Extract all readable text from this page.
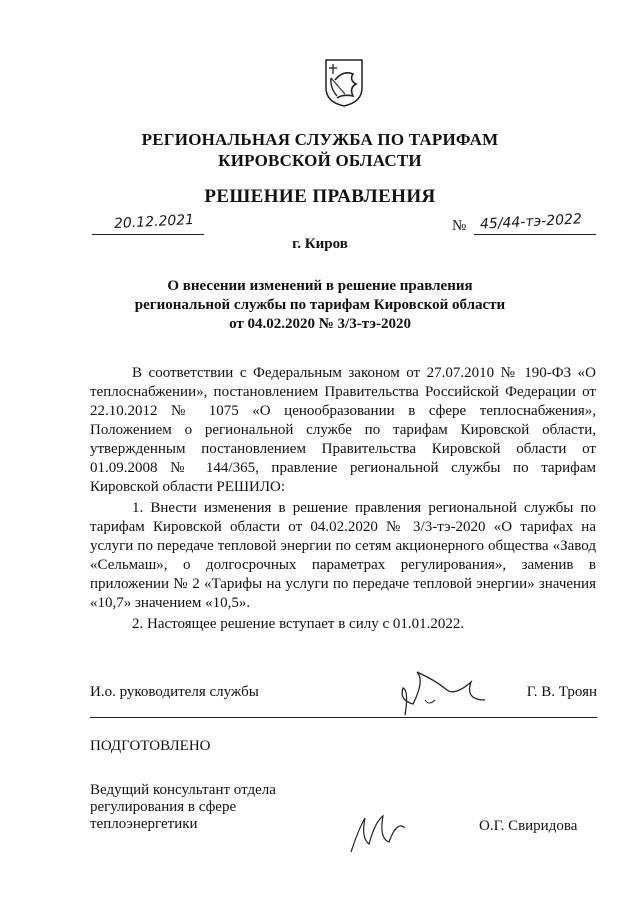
РЕГИОНАЛЬНАЯ СЛУЖБА ПО ТАРИФАМ
КИРОВСКОЙ ОБЛАСТИ
РЕШЕНИЕ ПРАВЛЕНИЯ
20.12.2021	№ 45/44-тэ-2022
г. Киров
О внесении изменений в решение правления
региональной службы по тарифам Кировской области
от 04.02.2020 № 3/3-тэ-2020

В соответствии с Федеральным законом от 27.07.2010 № 190-ФЗ «О теплоснабжении», постановлением Правительства Российской Федерации от 22.10.2012 № 1075 «О ценообразовании в сфере теплоснабжения», Положением о региональной службе по тарифам Кировской области, утвержденным постановлением Правительства Кировской области от 01.09.2008 № 144/365, правление региональной службы по тарифам Кировской области РЕШИЛО:

1. Внести изменения в решение правления региональной службы по тарифам Кировской области от 04.02.2020 № 3/3-тэ-2020 «О тарифах на услуги по передаче тепловой энергии по сетям акционерного общества «Завод «Сельмаш», о долгосрочных параметрах регулирования», заменив в приложении № 2 «Тарифы на услуги по передаче тепловой энергии» значения «10,7» значением «10,5».

2. Настоящее решение вступает в силу с 01.01.2022.

И.о. руководителя службы	Г. В. Троян
ПОДГОТОВЛЕНО
Ведущий консультант отдела
регулирования в сфере
теплоэнергетики	О.Г. Свиридова
